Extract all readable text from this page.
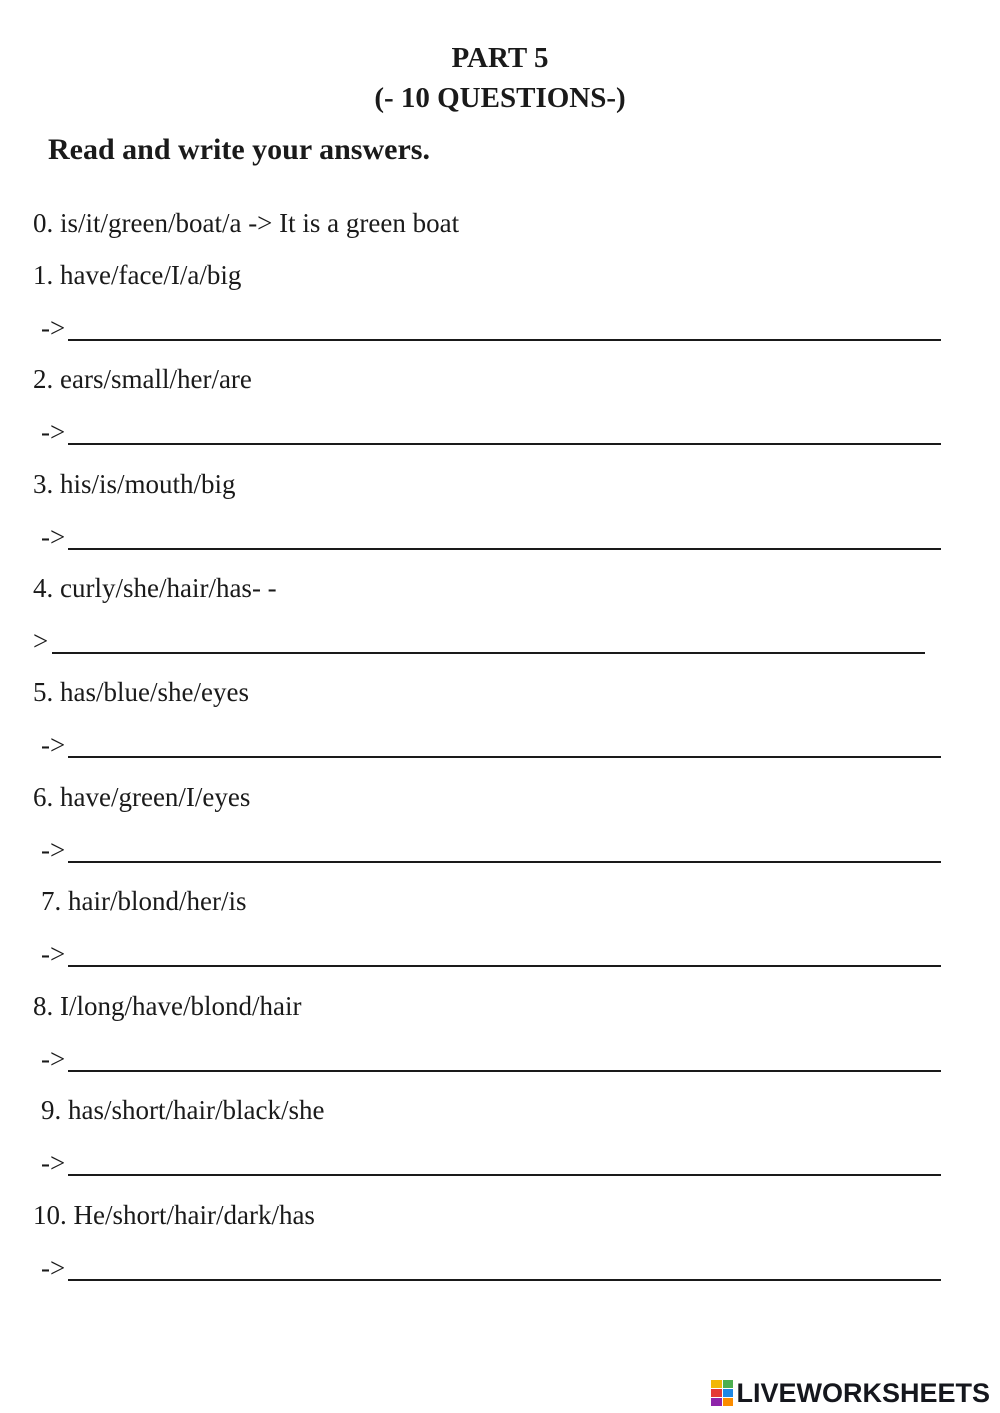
PART 5
(- 10 QUESTIONS-)
Read and write your answers.
0. is/it/green/boat/a -> It is a green boat
1. have/face/I/a/big
->
2. ears/small/her/are
->
3. his/is/mouth/big
->
4. curly/she/hair/has- -
>
5. has/blue/she/eyes
->
6. have/green/I/eyes
->
7. hair/blond/her/is
->
8. I/long/have/blond/hair
->
9. has/short/hair/black/she
->
10. He/short/hair/dark/has
->
LIVEWORKSHEETS
